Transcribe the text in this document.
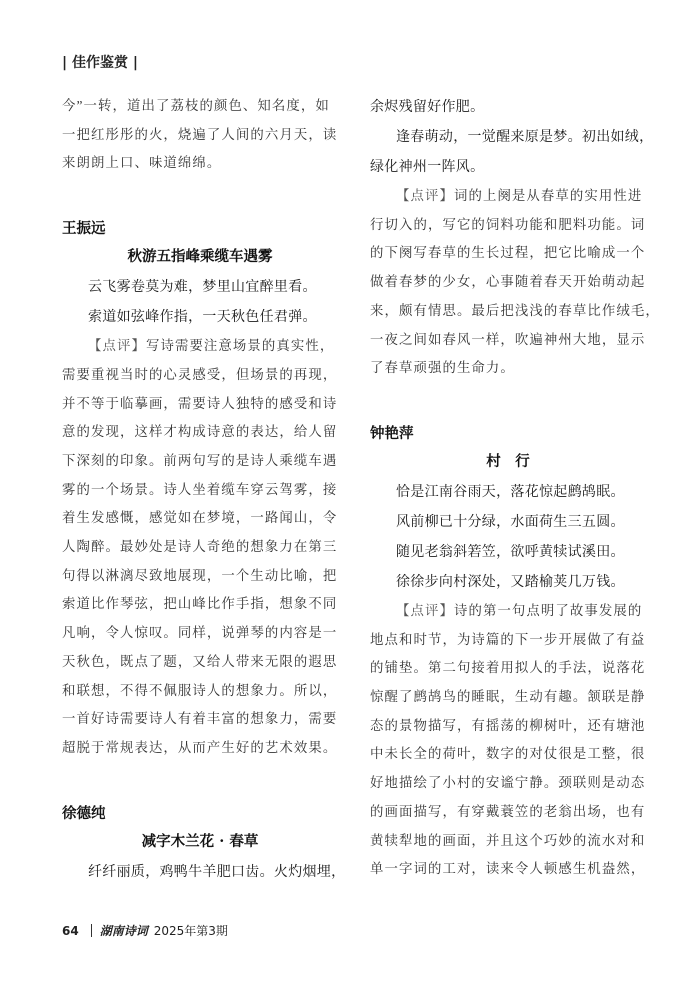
| 佳作鉴赏 |
今”一转，道出了荔枝的颜色、知名度，如
一把红彤彤的火，烧遍了人间的六月天，读
来朗朗上口、味道绵绵。
王振远
秋游五指峰乘缆车遇雾
云飞雾卷莫为难，梦里山宜醉里看。
索道如弦峰作指，一天秋色任君弹。
【点评】写诗需要注意场景的真实性，
需要重视当时的心灵感受，但场景的再现，
并不等于临摹画，需要诗人独特的感受和诗
意的发现，这样才构成诗意的表达，给人留
下深刻的印象。前两句写的是诗人乘缆车遇
雾的一个场景。诗人坐着缆车穿云驾雾，接
着生发感慨，感觉如在梦境，一路闻山，令
人陶醉。最妙处是诗人奇绝的想象力在第三
句得以淋漓尽致地展现，一个生动比喻，把
索道比作琴弦，把山峰比作手指，想象不同
凡响，令人惊叹。同样，说弹琴的内容是一
天秋色，既点了题，又给人带来无限的遐思
和联想，不得不佩服诗人的想象力。所以，
一首好诗需要诗人有着丰富的想象力，需要
超脱于常规表达，从而产生好的艺术效果。
徐德纯
减字木兰花 · 春草
纤纤丽质，鸡鸭牛羊肥口齿。火灼烟埋，
余烬残留好作肥。
逢春萌动，一觉醒来原是梦。初出如绒，
绿化神州一阵风。
【点评】词的上阕是从春草的实用性进
行切入的，写它的饲料功能和肥料功能。词
的下阕写春草的生长过程，把它比喻成一个
做着春梦的少女，心事随着春天开始萌动起
来，颇有情思。最后把浅浅的春草比作绒毛，
一夜之间如春风一样，吹遍神州大地，显示
了春草顽强的生命力。
钟艳萍
村　行
恰是江南谷雨天，落花惊起鹧鸪眠。
风前柳已十分绿，水面荷生三五圆。
随见老翁斜箬笠，欲呼黄犊试溪田。
徐徐步向村深处，又踏榆荚几万钱。
【点评】诗的第一句点明了故事发展的
地点和时节，为诗篇的下一步开展做了有益
的铺垫。第二句接着用拟人的手法，说落花
惊醒了鹧鸪鸟的睡眠，生动有趣。颔联是静
态的景物描写，有摇荡的柳树叶，还有塘池
中未长全的荷叶，数字的对仗很是工整，很
好地描绘了小村的安谧宁静。颈联则是动态
的画面描写，有穿戴蓑笠的老翁出场，也有
黄犊犁地的画面，并且这个巧妙的流水对和
单一字词的工对，读来令人顿感生机盎然，
64 湖南诗词 2025年第3期
